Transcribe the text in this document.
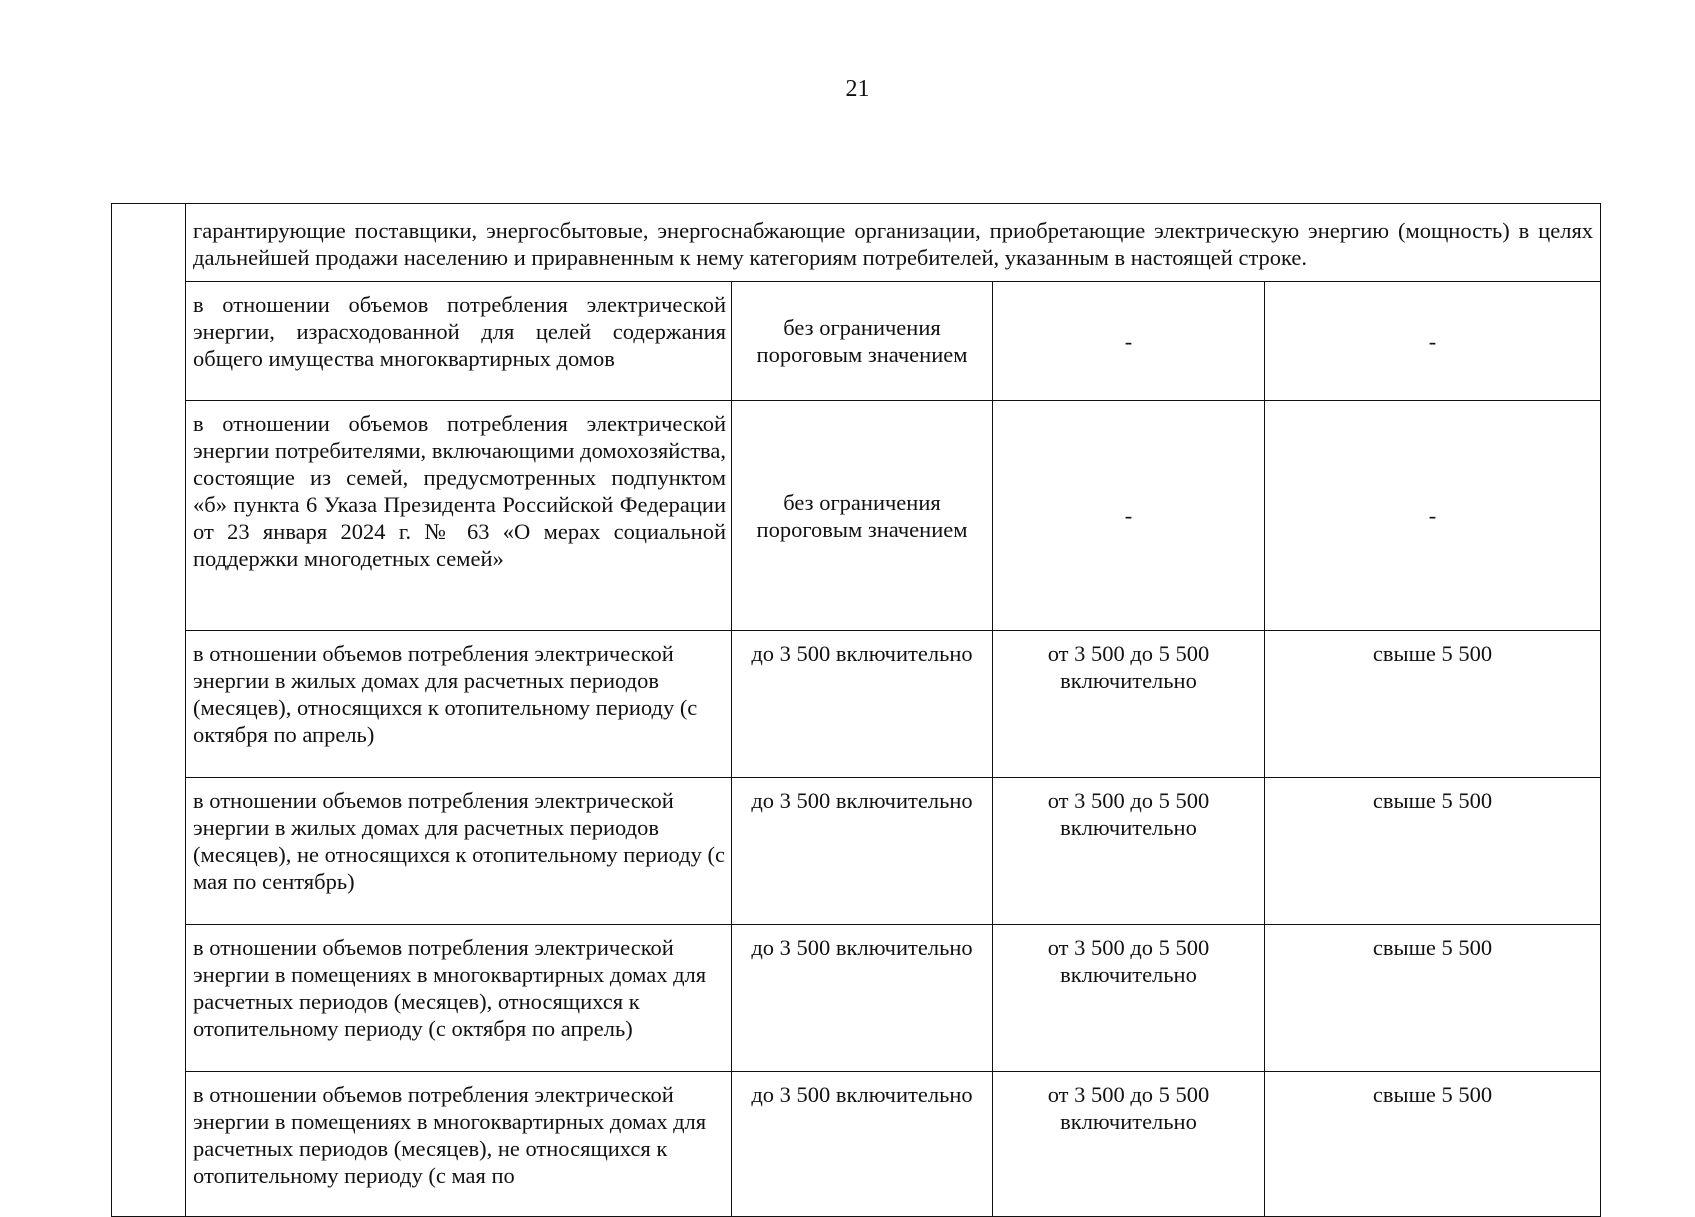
21
	гарантирующие поставщики, энергосбытовые, энергоснабжающие организации, приобретающие электрическую энергию (мощность) в целях дальнейшей продажи населению и приравненным к нему категориям потребителей, указанным в настоящей строке.			
	в отношении объемов потребления электрической энергии, израсходованной для целей содержания общего имущества многоквартирных домов	без ограничения пороговым значением	-	-
	в отношении объемов потребления электрической энергии потребителями, включающими домохозяйства, состоящие из семей, предусмотренных подпунктом «б» пункта 6 Указа Президента Российской Федерации от 23 января 2024 г. № 63 «О мерах социальной поддержки многодетных семей»	без ограничения пороговым значением	-	-
	в отношении объемов потребления электрической энергии в жилых домах для расчетных периодов (месяцев), относящихся к отопительному периоду (с октября по апрель)	до 3 500 включительно	от 3 500 до 5 500 включительно	свыше 5 500
	в отношении объемов потребления электрической энергии в жилых домах для расчетных периодов (месяцев), не относящихся к отопительному периоду (с мая по сентябрь)	до 3 500 включительно	от 3 500 до 5 500 включительно	свыше 5 500
	в отношении объемов потребления электрической энергии в помещениях в многоквартирных домах для расчетных периодов (месяцев), относящихся к отопительному периоду (с октября по апрель)	до 3 500 включительно	от 3 500 до 5 500 включительно	свыше 5 500
	в отношении объемов потребления электрической энергии в помещениях в многоквартирных домах для расчетных периодов (месяцев), не относящихся к отопительному периоду (с мая по	до 3 500 включительно	от 3 500 до 5 500 включительно	свыше 5 500
